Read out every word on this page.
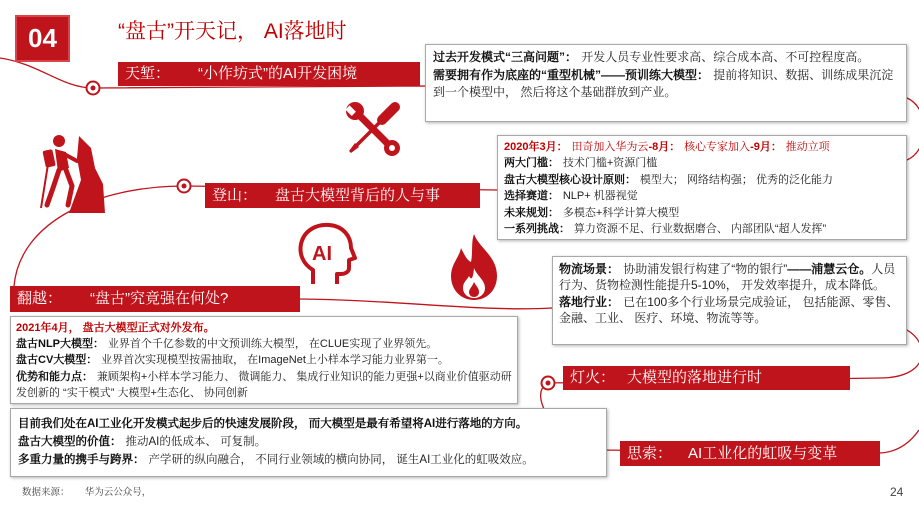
04	“盘古”开天记， AI落地时
AI
天堑： “小作坊式”的AI开发困境
登山： 盘古大模型背后的人与事
翻越： “盘古”究竟强在何处?
灯火： 大模型的落地进行时
思索： AI工业化的虹吸与变革

过去开发模式“三高问题”： 开发人员专业性要求高、综合成本高、不可控程度高。

需要拥有作为底座的“重型机械”——预训练大模型： 提前将知识、数据、训练成果沉淀到一个模型中， 然后将这个基础群放到产业。

2020年3月： 田奇加入华为云-8月： 核心专家加入-9月： 推动立项

两大门槛： 技术门槛+资源门槛

盘古大模型核心设计原则： 模型大； 网络结构强； 优秀的泛化能力

选择赛道： NLP+ 机器视觉

未来规划： 多模态+科学计算大模型

一系列挑战： 算力资源不足、行业数据磨合、 内部团队“超人发挥”

2021年4月， 盘古大模型正式对外发布。

盘古NLP大模型： 业界首个千亿参数的中文预训练大模型， 在CLUE实现了业界领先。

盘古CV大模型： 业界首次实现模型按需抽取， 在ImageNet上小样本学习能力业界第一。

优势和能力点： 兼顾架构+小样本学习能力、 微调能力、 集成行业知识的能力更强+以商业价值驱动研发创新的 “实干模式” 大模型+生态化、 协同创新

物流场景： 协助浦发银行构建了“物的银行”——浦慧云仓。人员行为、货物检测性能提升5-10%， 开发效率提升，成本降低。

落地行业： 已在100多个行业场景完成验证， 包括能源、零售、金融、工业、 医疗、环境、物流等等。

目前我们处在AI工业化开发模式起步后的快速发展阶段， 而大模型是最有希望将AI进行落地的方向。

盘古大模型的价值： 推动AI的低成本、 可复制。

多重力量的携手与跨界： 产学研的纵向融合， 不同行业领域的横向协同， 诞生AI工业化的虹吸效应。

数据来源： 华为云公众号，	24
